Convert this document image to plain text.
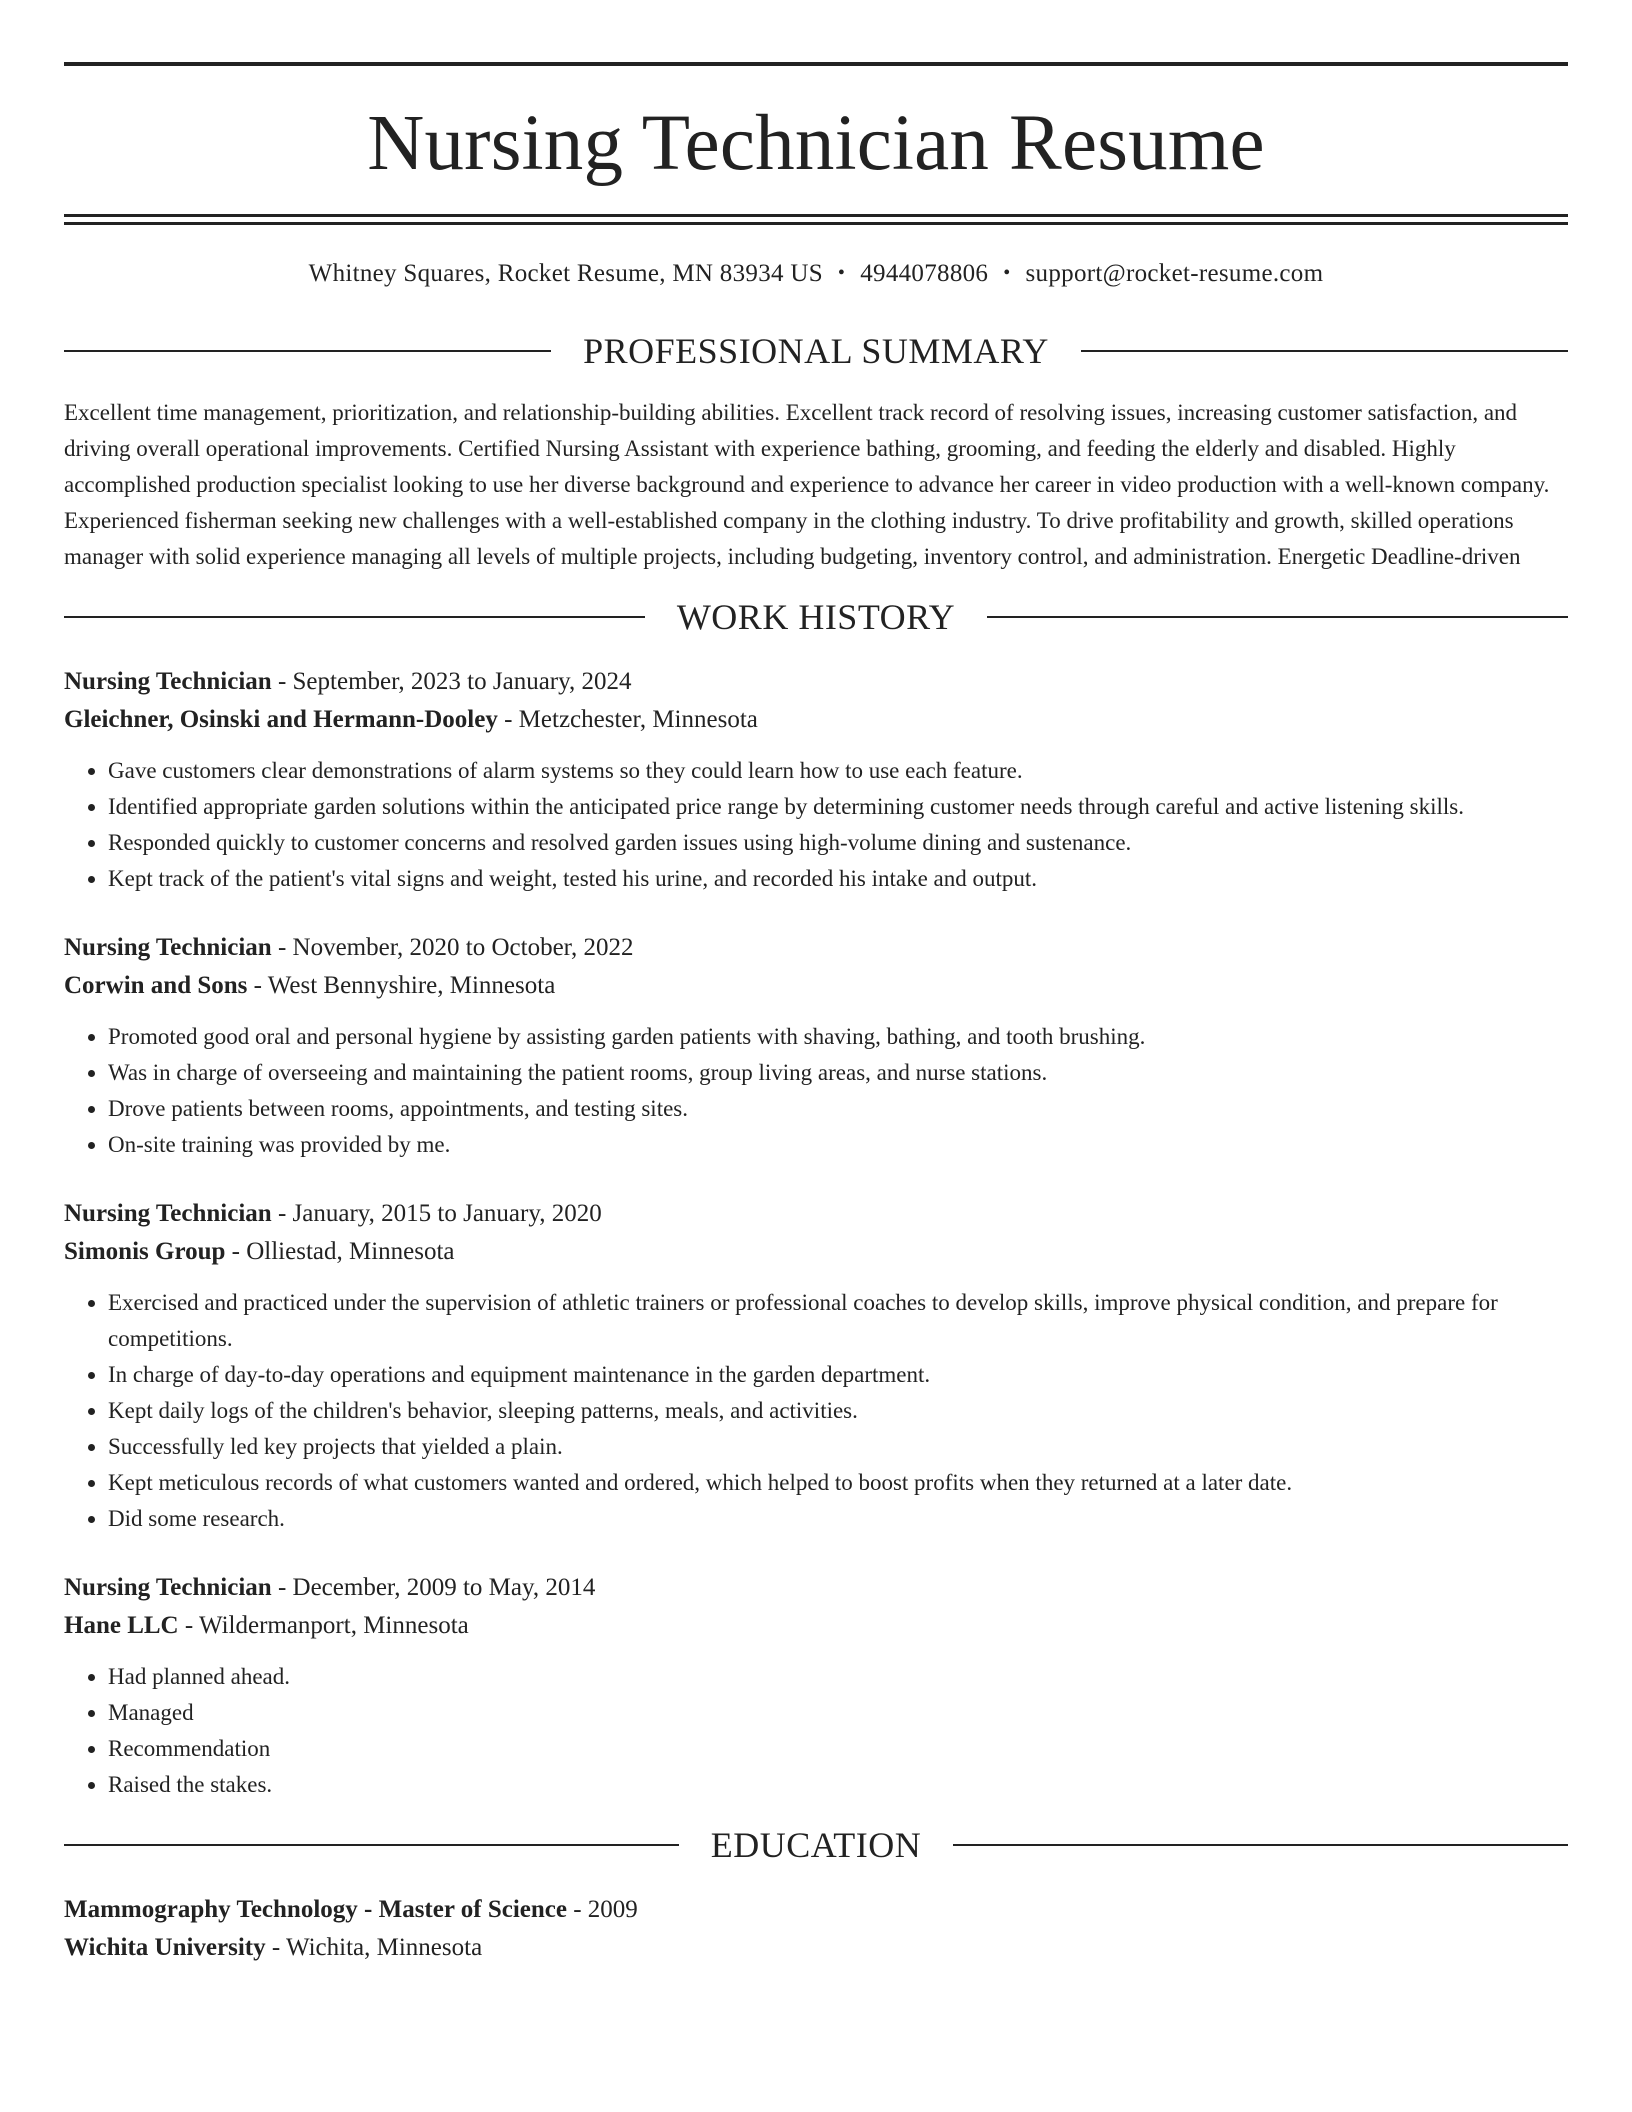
Nursing Technician Resume
Whitney Squares, Rocket Resume, MN 83934 US • 4944078806 • support@rocket-resume.com
PROFESSIONAL SUMMARY
Excellent time management, prioritization, and relationship-building abilities. Excellent track record of resolving issues, increasing customer satisfaction, and driving overall operational improvements. Certified Nursing Assistant with experience bathing, grooming, and feeding the elderly and disabled. Highly accomplished production specialist looking to use her diverse background and experience to advance her career in video production with a well-known company. Experienced fisherman seeking new challenges with a well-established company in the clothing industry. To drive profitability and growth, skilled operations manager with solid experience managing all levels of multiple projects, including budgeting, inventory control, and administration. Energetic Deadline-driven
WORK HISTORY
Nursing Technician - September, 2023 to January, 2024
Gleichner, Osinski and Hermann-Dooley - Metzchester, Minnesota
• Gave customers clear demonstrations of alarm systems so they could learn how to use each feature.
• Identified appropriate garden solutions within the anticipated price range by determining customer needs through careful and active listening skills.
• Responded quickly to customer concerns and resolved garden issues using high-volume dining and sustenance.
• Kept track of the patient's vital signs and weight, tested his urine, and recorded his intake and output.
Nursing Technician - November, 2020 to October, 2022
Corwin and Sons - West Bennyshire, Minnesota
• Promoted good oral and personal hygiene by assisting garden patients with shaving, bathing, and tooth brushing.
• Was in charge of overseeing and maintaining the patient rooms, group living areas, and nurse stations.
• Drove patients between rooms, appointments, and testing sites.
• On-site training was provided by me.
Nursing Technician - January, 2015 to January, 2020
Simonis Group - Olliestad, Minnesota
• Exercised and practiced under the supervision of athletic trainers or professional coaches to develop skills, improve physical condition, and prepare for competitions.
• In charge of day-to-day operations and equipment maintenance in the garden department.
• Kept daily logs of the children's behavior, sleeping patterns, meals, and activities.
• Successfully led key projects that yielded a plain.
• Kept meticulous records of what customers wanted and ordered, which helped to boost profits when they returned at a later date.
• Did some research.
Nursing Technician - December, 2009 to May, 2014
Hane LLC - Wildermanport, Minnesota
• Had planned ahead.
• Managed
• Recommendation
• Raised the stakes.
EDUCATION
Mammography Technology - Master of Science - 2009
Wichita University - Wichita, Minnesota
